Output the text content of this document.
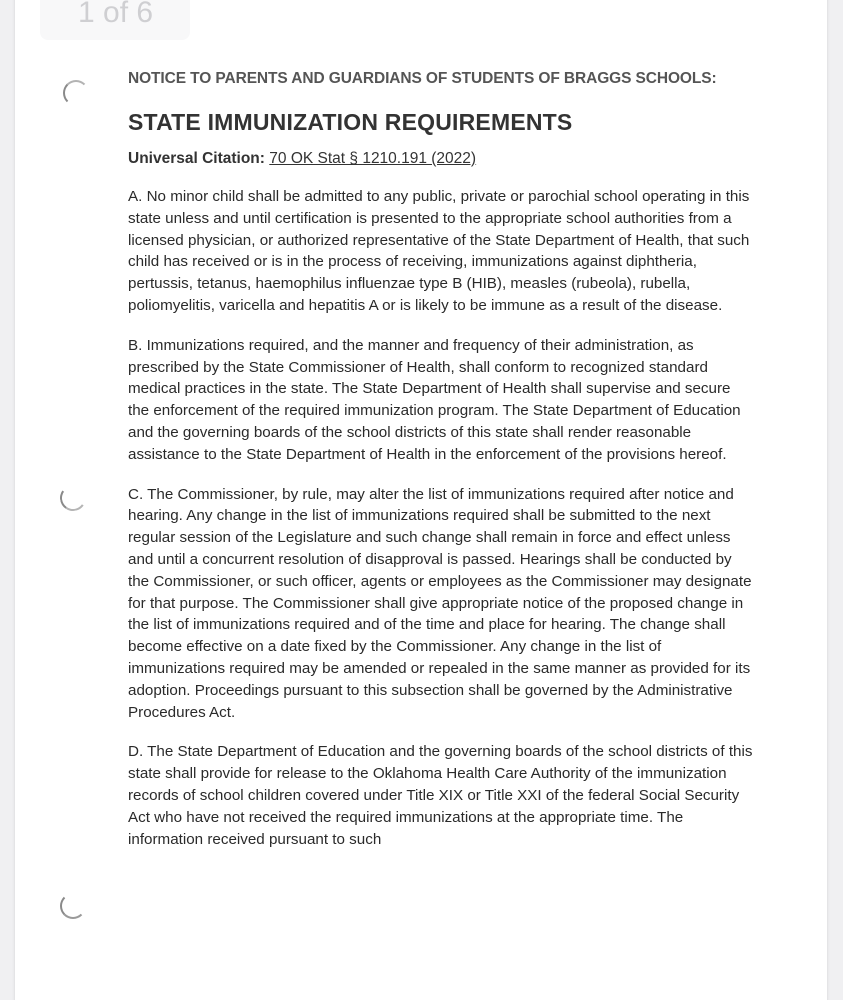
NOTICE TO PARENTS AND GUARDIANS OF STUDENTS OF BRAGGS SCHOOLS:

STATE IMMUNIZATION REQUIREMENTS

Universal Citation: 70 OK Stat § 1210.191 (2022)

A. No minor child shall be admitted to any public, private or parochial school operating in this state unless and until certification is presented to the appropriate school authorities from a licensed physician, or authorized representative of the State Department of Health, that such child has received or is in the process of receiving, immunizations against diphtheria, pertussis, tetanus, haemophilus influenzae type B (HIB), measles (rubeola), rubella, poliomyelitis, varicella and hepatitis A or is likely to be immune as a result of the disease.

B. Immunizations required, and the manner and frequency of their administration, as prescribed by the State Commissioner of Health, shall conform to recognized standard medical practices in the state. The State Department of Health shall supervise and secure the enforcement of the required immunization program. The State Department of Education and the governing boards of the school districts of this state shall render reasonable assistance to the State Department of Health in the enforcement of the provisions hereof.

C. The Commissioner, by rule, may alter the list of immunizations required after notice and hearing. Any change in the list of immunizations required shall be submitted to the next regular session of the Legislature and such change shall remain in force and effect unless and until a concurrent resolution of disapproval is passed. Hearings shall be conducted by the Commissioner, or such officer, agents or employees as the Commissioner may designate for that purpose. The Commissioner shall give appropriate notice of the proposed change in the list of immunizations required and of the time and place for hearing. The change shall become effective on a date fixed by the Commissioner. Any change in the list of immunizations required may be amended or repealed in the same manner as provided for its adoption. Proceedings pursuant to this subsection shall be governed by the Administrative Procedures Act.

D. The State Department of Education and the governing boards of the school districts of this state shall provide for release to the Oklahoma Health Care Authority of the immunization records of school children covered under Title XIX or Title XXI of the federal Social Security Act who have not received the required immunizations at the appropriate time. The information received pursuant to such

1 of 6
